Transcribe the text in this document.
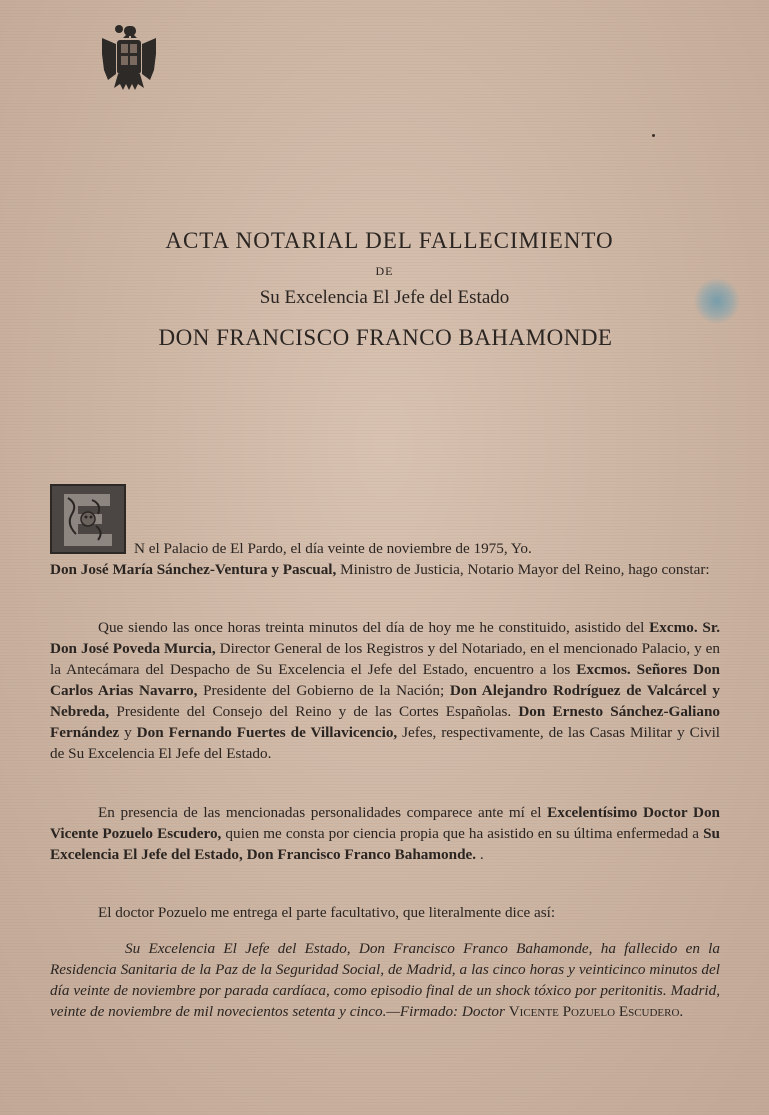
ACTA NOTARIAL DEL FALLECIMIENTO
DE
Su Excelencia El Jefe del Estado
DON FRANCISCO FRANCO BAHAMONDE
N el Palacio de El Pardo, el día veinte de noviembre de 1975, Yo.
Don José María Sánchez-Ventura y Pascual, Ministro de Justicia, Notario Mayor del Reino, hago constar:
Que siendo las once horas treinta minutos del día de hoy me he constituido, asistido del Excmo. Sr. Don José Poveda Murcia, Director General de los Registros y del Notariado, en el mencionado Palacio, y en la Antecámara del Despacho de Su Excelencia el Jefe del Estado, encuentro a los Excmos. Señores Don Carlos Arias Navarro, Presidente del Gobierno de la Nación; Don Alejandro Rodríguez de Valcárcel y Nebreda, Presidente del Consejo del Reino y de las Cortes Españolas. Don Ernesto Sánchez-Galiano Fernández y Don Fernando Fuertes de Villavicencio, Jefes, respectivamente, de las Casas Militar y Civil de Su Excelencia El Jefe del Estado.
En presencia de las mencionadas personalidades comparece ante mí el Excelentísimo Doctor Don Vicente Pozuelo Escudero, quien me consta por ciencia propia que ha asistido en su última enfermedad a Su Excelencia El Jefe del Estado, Don Francisco Franco Bahamonde. .
El doctor Pozuelo me entrega el parte facultativo, que literalmente dice así:
Su Excelencia El Jefe del Estado, Don Francisco Franco Bahamonde, ha fallecido en la Residencia Sanitaria de la Paz de la Seguridad Social, de Madrid, a las cinco horas y veinticinco minutos del día veinte de noviembre por parada cardíaca, como episodio final de un shock tóxico por peritonitis. Madrid, veinte de noviembre de mil novecientos setenta y cinco.—Firmado: Doctor Vicente Pozuelo Escudero.
